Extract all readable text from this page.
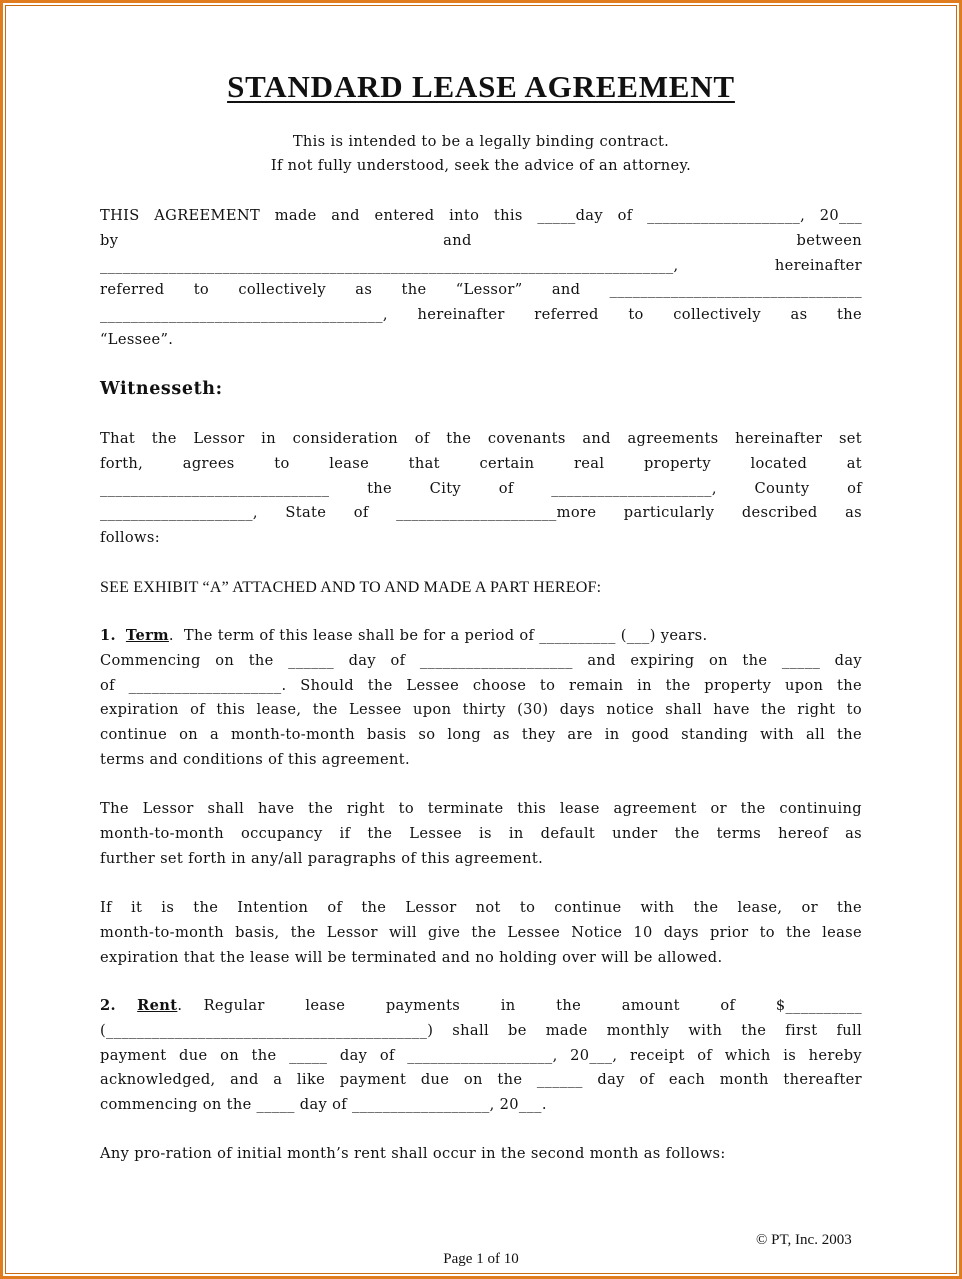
STANDARD LEASE AGREEMENT
This is intended to be a legally binding contract.
If not fully understood, seek the advice of an attorney.
THIS AGREEMENT made and entered into this _____day of ____________________, 20___
by and between
___________________________________________________________________________, hereinafter
referred to collectively as the “Lessor” and _________________________________
_____________________________________, hereinafter referred to collectively as the
“Lessee”.
Witnesseth:
That the Lessor in consideration of the covenants and agreements hereinafter set
forth, agrees to lease that certain real property located at
______________________________ the City of _____________________, County of
____________________, State of _____________________more particularly described as
follows:
SEE EXHIBIT “A” ATTACHED AND TO AND MADE A PART HEREOF:
1. Term.  The term of this lease shall be for a period of __________ (___) years.
Commencing on the ______ day of ____________________ and expiring on the _____ day
of ____________________. Should the Lessee choose to remain in the property upon the
expiration of this lease, the Lessee upon thirty (30) days notice shall have the right to
continue on a month-to-month basis so long as they are in good standing with all the
terms and conditions of this agreement.
The Lessor shall have the right to terminate this lease agreement or the continuing
month-to-month occupancy if the Lessee is in default under the terms hereof as
further set forth in any/all paragraphs of this agreement.
If it is the Intention of the Lessor not to continue with the lease, or the
month-to-month basis, the Lessor will give the Lessee Notice 10 days prior to the lease
expiration that the lease will be terminated and no holding over will be allowed.
2. Rent.  Regular lease payments in the amount of $__________
(__________________________________________) shall be made monthly with the first full
payment due on the _____ day of ___________________, 20___, receipt of which is hereby
acknowledged, and a like payment due on the ______ day of each month thereafter
commencing on the _____ day of __________________, 20___.
Any pro-ration of initial month’s rent shall occur in the second month as follows:
© PT, Inc. 2003
Page 1 of 10
